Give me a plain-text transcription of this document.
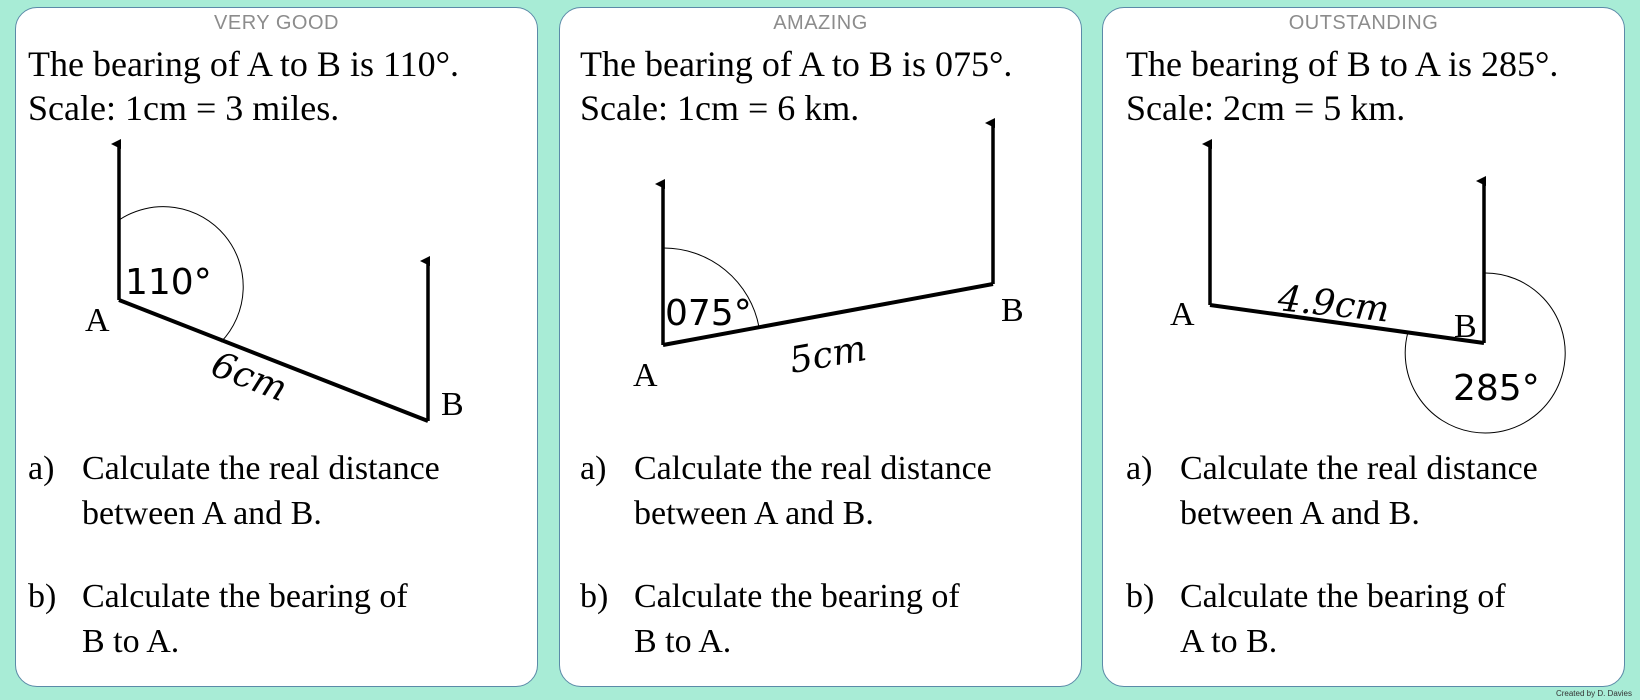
VERY GOOD
The bearing of A to B is 110°.
Scale: 1cm = 3 miles.
110°
A
B
6cm
a) Calculate the real distance
between A and B.
b) Calculate the bearing of
B to A.
AMAZING
The bearing of A to B is 075°.
Scale: 1cm = 6 km.
075°
A
B
5cm
a) Calculate the real distance
between A and B.
b) Calculate the bearing of
B to A.
OUTSTANDING
The bearing of B to A is 285°.
Scale: 2cm = 5 km.
285°
A	B
4.9cm
a) Calculate the real distance
between A and B.
b) Calculate the bearing of
A to B.
Created by D. Davies
